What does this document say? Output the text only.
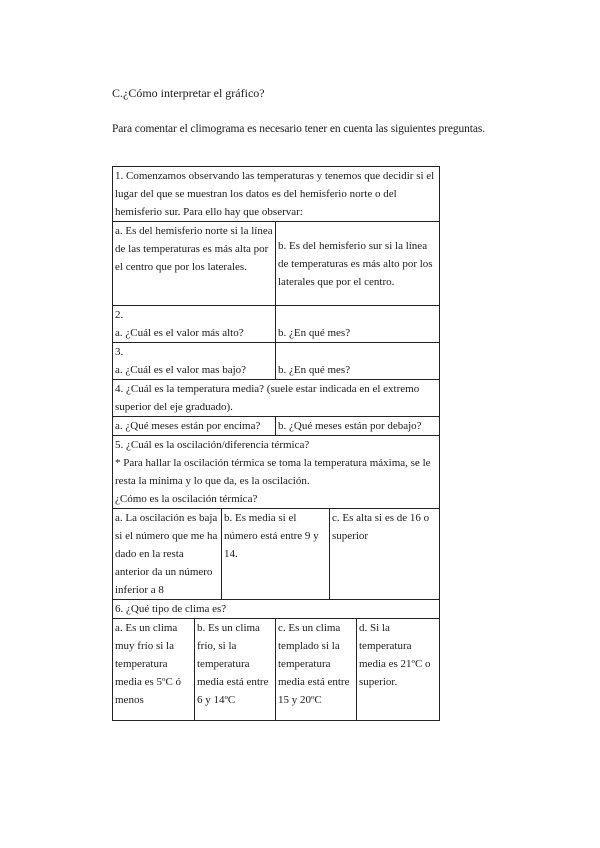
C.¿Cómo interpretar el gráfico?
Para comentar el climograma es necesario tener en cuenta las siguientes preguntas.
1. Comenzamos observando las temperaturas y tenemos que decidir si el lugar del que se muestran los datos es del hemisferio norte o del hemisferio sur. Para ello hay que observar:					
a. Es del hemisferio norte si la línea de las temperaturas es más alta por el centro que por los laterales.			b. Es del hemisferio sur si la línea de temperaturas es más alto por los laterales que por el centro.		

2.

a. ¿Cuál es el valor más alto?			b. ¿En qué mes?		

3.

a. ¿Cuál es el valor mas bajo?			b. ¿En qué mes?		

4. ¿Cuál es la temperatura media? (suele estar indicada en el extremo superior del eje graduado).					
a. ¿Qué meses están por encima?			b. ¿Qué meses están por debajo?		

5. ¿Cuál es la oscilación/diferencia térmica?

* Para hallar la oscilación térmica se toma la temperatura máxima, se le resta la mínima y lo que da, es la oscilación.

¿Cómo es la oscilación térmica?					

a. La oscilación es baja si el número que me ha dado en la resta anterior da un número inferior a 8		b. Es media si el número está entre 9 y 14.		c. Es alta si es de 16 o superior	
6. ¿Qué tipo de clima es?					
a. Es un clima muy frío si la temperatura media es 5ºC ó menos	b. Es un clima frío, si la temperatura media está entre 6 y 14ºC		c. Es un clima templado si la temperatura media está entre 15 y 20ºC		d. Si la temperatura media es 21ºC o superior.
